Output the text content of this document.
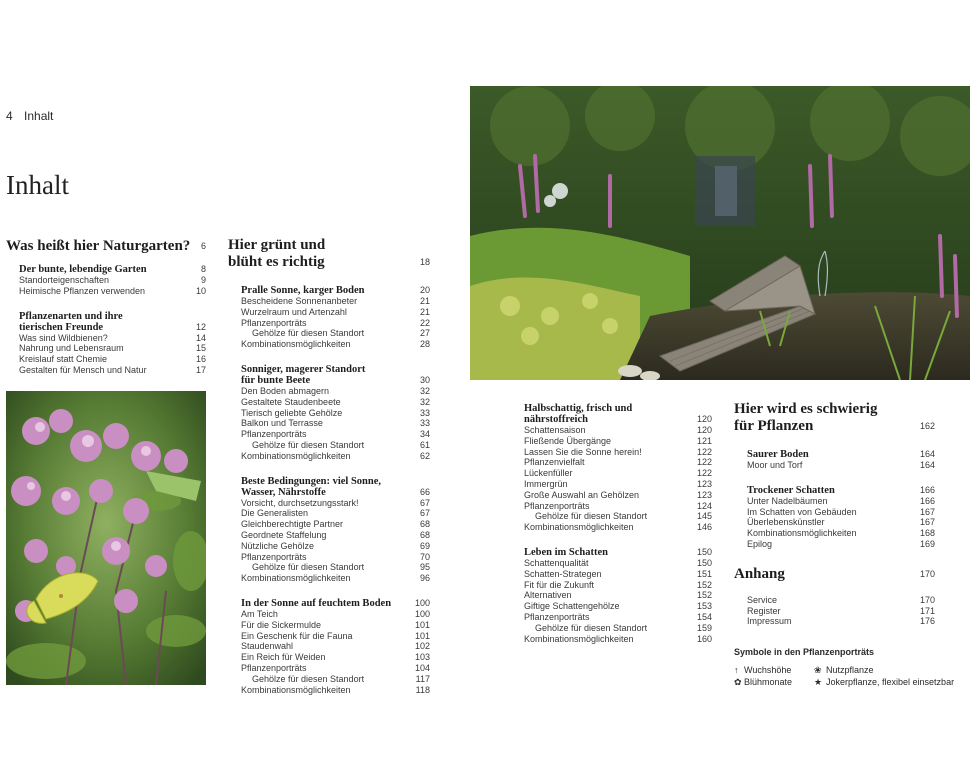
4 Inhalt
Inhalt
Was heißt hier Naturgarten? 6
Der bunte, lebendige Garten	8
Standorteigenschaften	9
Heimische Pflanzen verwenden	10
Pflanzenarten und ihre
tierischen Freunde	12
Was sind Wildbienen?	14
Nahrung und Lebensraum	15
Kreislauf statt Chemie	16
Gestalten für Mensch und Natur	17
Hier grünt und
blüht es richtig	18
Pralle Sonne, karger Boden	20
Bescheidene Sonnenanbeter	21
Wurzelraum und Artenzahl	21
Pflanzenporträts	22
Gehölze für diesen Standort	27
Kombinationsmöglichkeiten	28
Sonniger, magerer Standort
für bunte Beete	30
Den Boden abmagern	32
Gestaltete Staudenbeete	32
Tierisch geliebte Gehölze	33
Balkon und Terrasse	33
Pflanzenporträts	34
Gehölze für diesen Standort	61
Kombinationsmöglichkeiten	62
Beste Bedingungen: viel Sonne,
Wasser, Nährstoffe	66
Vorsicht, durchsetzungsstark!	67
Die Generalisten	67
Gleichberechtigte Partner	68
Geordnete Staffelung	68
Nützliche Gehölze	69
Pflanzenporträts	70
Gehölze für diesen Standort	95
Kombinationsmöglichkeiten	96
In der Sonne auf feuchtem Boden	100
Am Teich	100
Für die Sickermulde	101
Ein Geschenk für die Fauna	101
Staudenwahl	102
Ein Reich für Weiden	103
Pflanzenporträts	104
Gehölze für diesen Standort	117
Kombinationsmöglichkeiten	118
Halbschattig, frisch und
nährstoffreich	120
Schattensaison	120
Fließende Übergänge	121
Lassen Sie die Sonne herein!	122
Pflanzenvielfalt	122
Lückenfüller	122
Immergrün	123
Große Auswahl an Gehölzen	123
Pflanzenporträts	124
Gehölze für diesen Standort	145
Kombinationsmöglichkeiten	146
Leben im Schatten	150
Schattenqualität	150
Schatten-Strategen	151
Fit für die Zukunft	152
Alternativen	152
Giftige Schattengehölze	153
Pflanzenporträts	154
Gehölze für diesen Standort	159
Kombinationsmöglichkeiten	160
Hier wird es schwierig
für Pflanzen	162
Saurer Boden	164
Moor und Torf	164
Trockener Schatten	166
Unter Nadelbäumen	166
Im Schatten von Gebäuden	167
Überlebenskünstler	167
Kombinationsmöglichkeiten	168
Epilog	169
Anhang	170
Service	170
Register	171
Impressum	176
Symbole in den Pflanzenporträts
↑ Wuchshöhe	❀ Nutzpflanze
✿ Blühmonate ★ Jokerpflanze, flexibel einsetzbar
